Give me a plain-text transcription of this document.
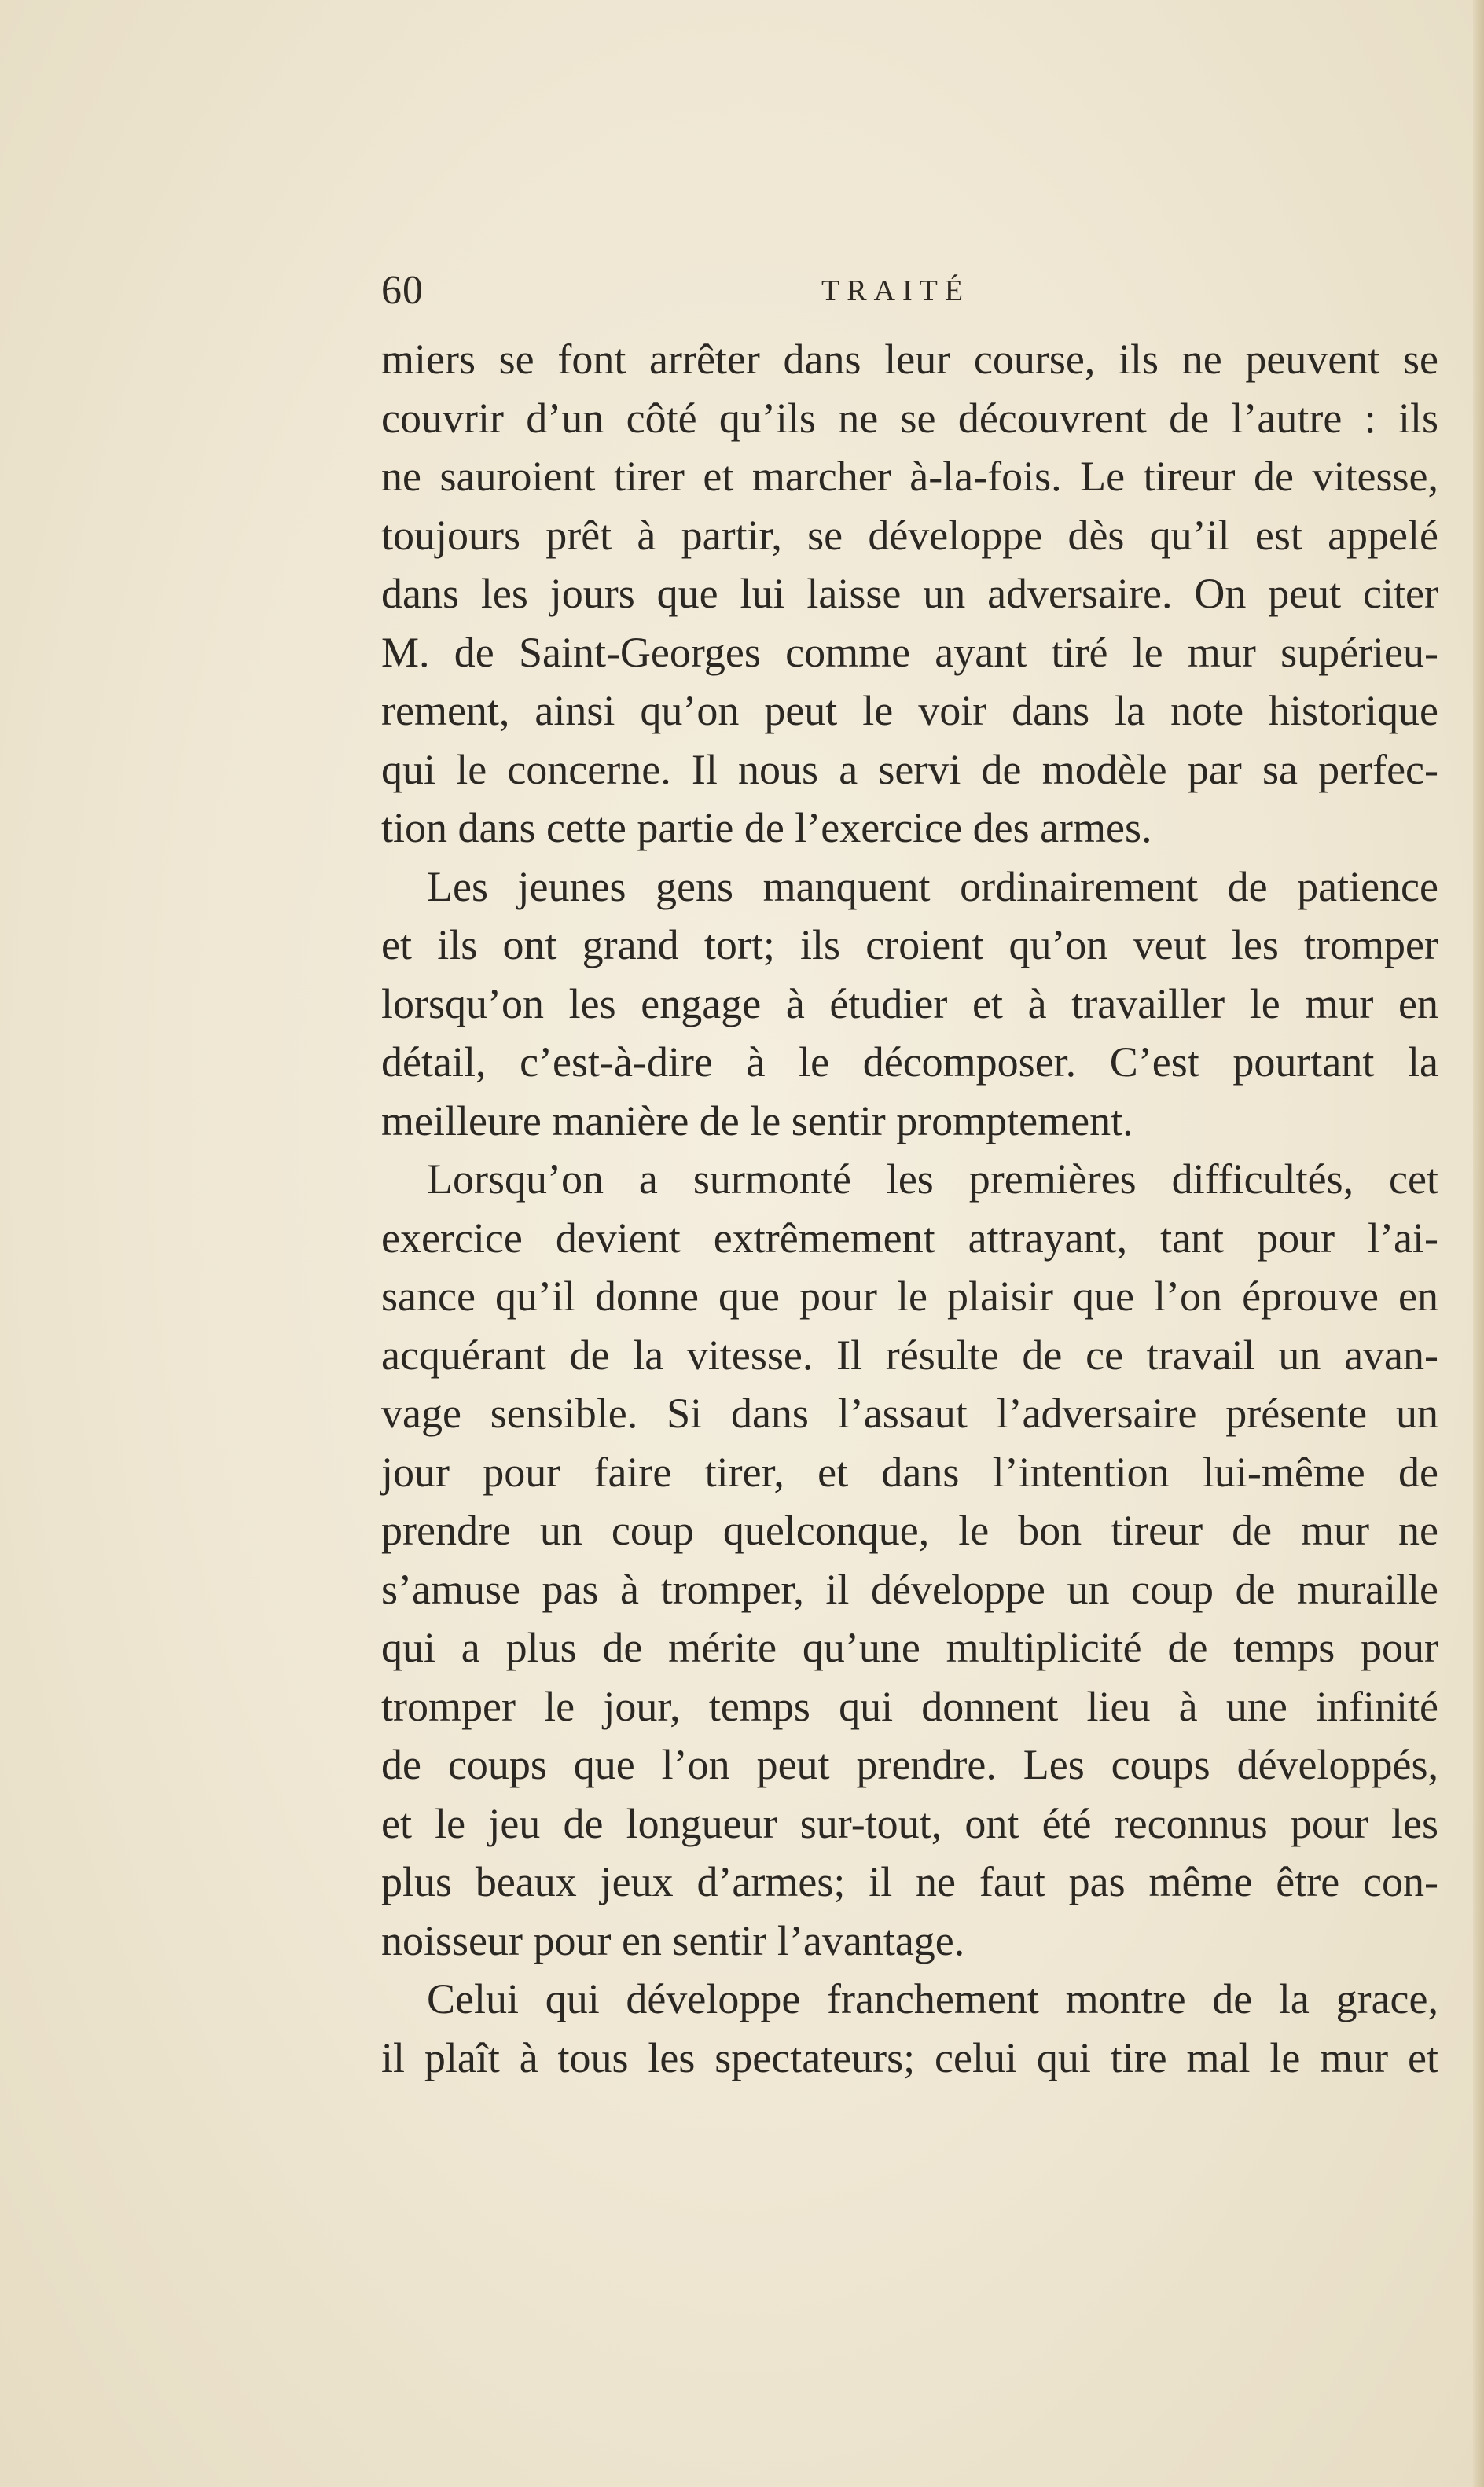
60	TRAITÉ
miers se font arrêter dans leur course, ils ne peuvent se
couvrir d’un côté qu’ils ne se découvrent de l’autre : ils
ne sauroient tirer et marcher à-la-fois. Le tireur de vitesse,
toujours prêt à partir, se développe dès qu’il est appelé
dans les jours que lui laisse un adversaire. On peut citer
M. de Saint-Georges comme ayant tiré le mur supérieu-
rement, ainsi qu’on peut le voir dans la note historique
qui le concerne. Il nous a servi de modèle par sa perfec-
tion dans cette partie de l’exercice des armes.
Les jeunes gens manquent ordinairement de patience
et ils ont grand tort; ils croient qu’on veut les tromper
lorsqu’on les engage à étudier et à travailler le mur en
détail, c’est-à-dire à le décomposer. C’est pourtant la
meilleure manière de le sentir promptement.
Lorsqu’on a surmonté les premières difficultés, cet
exercice devient extrêmement attrayant, tant pour l’ai-
sance qu’il donne que pour le plaisir que l’on éprouve en
acquérant de la vitesse. Il résulte de ce travail un avan-
vage sensible. Si dans l’assaut l’adversaire présente un
jour pour faire tirer, et dans l’intention lui-même de
prendre un coup quelconque, le bon tireur de mur ne
s’amuse pas à tromper, il développe un coup de muraille
qui a plus de mérite qu’une multiplicité de temps pour
tromper le jour, temps qui donnent lieu à une infinité
de coups que l’on peut prendre. Les coups développés,
et le jeu de longueur sur-tout, ont été reconnus pour les
plus beaux jeux d’armes; il ne faut pas même être con-
noisseur pour en sentir l’avantage.
Celui qui développe franchement montre de la grace,
il plaît à tous les spectateurs; celui qui tire mal le mur et
